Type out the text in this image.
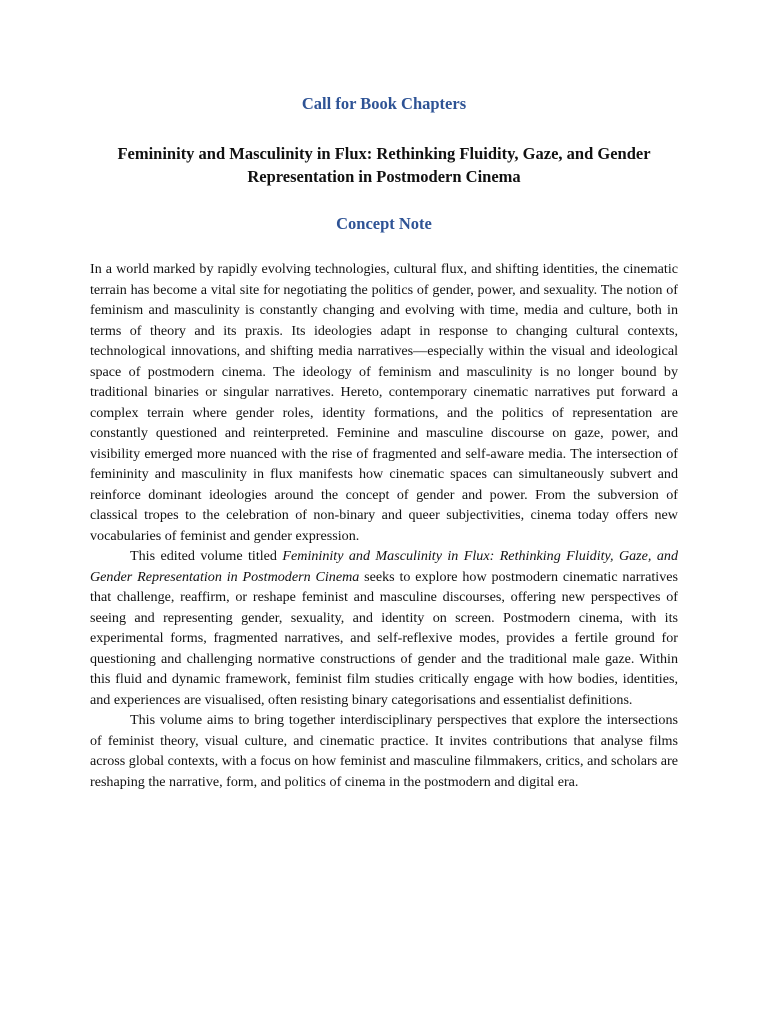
Call for Book Chapters
Femininity and Masculinity in Flux: Rethinking Fluidity, Gaze, and Gender
Representation in Postmodern Cinema
Concept Note

In a world marked by rapidly evolving technologies, cultural flux, and shifting identities, the cinematic terrain has become a vital site for negotiating the politics of gender, power, and sexuality. The notion of feminism and masculinity is constantly changing and evolving with time, media and culture, both in terms of theory and its praxis. Its ideologies adapt in response to changing cultural contexts, technological innovations, and shifting media narratives—especially within the visual and ideological space of postmodern cinema. The ideology of feminism and masculinity is no longer bound by traditional binaries or singular narratives. Hereto, contemporary cinematic narratives put forward a complex terrain where gender roles, identity formations, and the politics of representation are constantly questioned and reinterpreted. Feminine and masculine discourse on gaze, power, and visibility emerged more nuanced with the rise of fragmented and self-aware media. The intersection of femininity and masculinity in flux manifests how cinematic spaces can simultaneously subvert and reinforce dominant ideologies around the concept of gender and power. From the subversion of classical tropes to the celebration of non-binary and queer subjectivities, cinema today offers new vocabularies of feminist and gender expression.

This edited volume titled Femininity and Masculinity in Flux: Rethinking Fluidity, Gaze, and Gender Representation in Postmodern Cinema seeks to explore how postmodern cinematic narratives that challenge, reaffirm, or reshape feminist and masculine discourses, offering new perspectives of seeing and representing gender, sexuality, and identity on screen. Postmodern cinema, with its experimental forms, fragmented narratives, and self-reflexive modes, provides a fertile ground for questioning and challenging normative constructions of gender and the traditional male gaze. Within this fluid and dynamic framework, feminist film studies critically engage with how bodies, identities, and experiences are visualised, often resisting binary categorisations and essentialist definitions.

This volume aims to bring together interdisciplinary perspectives that explore the intersections of feminist theory, visual culture, and cinematic practice. It invites contributions that analyse films across global contexts, with a focus on how feminist and masculine filmmakers, critics, and scholars are reshaping the narrative, form, and politics of cinema in the postmodern and digital era.
